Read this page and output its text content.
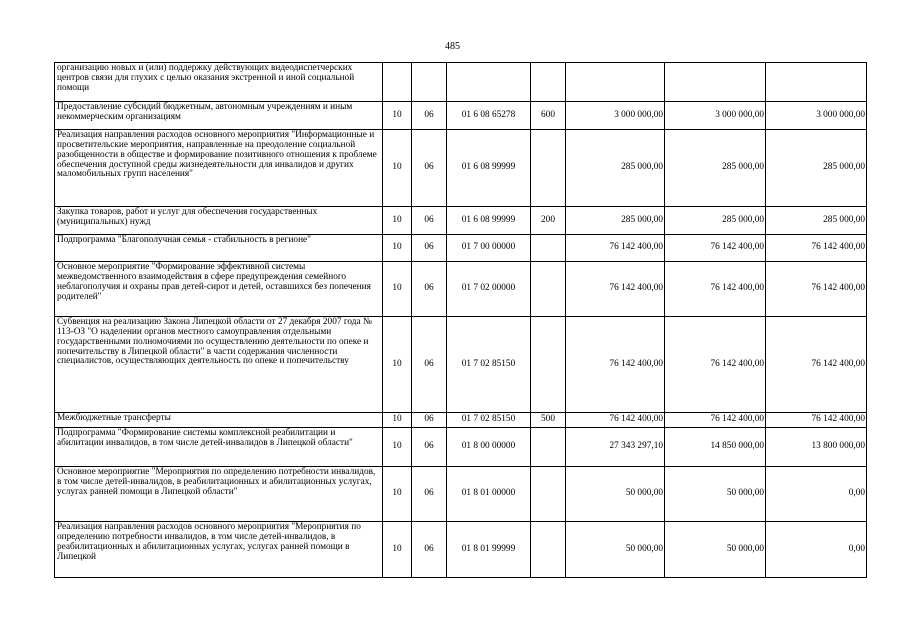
485
организацию новых и (или) поддержку действующих видеодиспетчерских центров связи для глухих с целью оказания экстренной и иной социальной помощи							
Предоставление субсидий бюджетным, автономным учреждениям и иным некоммерческим организациям	10	06	01 6 08 65278	600	3 000 000,00	3 000 000,00	3 000 000,00
Реализация направления расходов основного мероприятия "Информационные и просветительские мероприятия, направленные на преодоление социальной разобщенности в обществе и формирование позитивного отношения к проблеме обеспечения доступной среды жизнедеятельности для инвалидов и других маломобильных групп населения"	10	06	01 6 08 99999		285 000,00	285 000,00	285 000,00
Закупка товаров, работ и услуг для обеспечения государственных (муниципальных) нужд	10	06	01 6 08 99999	200	285 000,00	285 000,00	285 000,00
Подпрограмма "Благополучная семья - стабильность в регионе"	10	06	01 7 00 00000		76 142 400,00	76 142 400,00	76 142 400,00
Основное мероприятие "Формирование эффективной системы межведомственного взаимодействия в сфере предупреждения семейного неблагополучия и охраны прав детей-сирот и детей, оставшихся без попечения родителей"	10	06	01 7 02 00000		76 142 400,00	76 142 400,00	76 142 400,00
Субвенция на реализацию Закона Липецкой области от 27 декабря 2007 года № 113-ОЗ "О наделении органов местного самоуправления отдельными государственными полномочиями по осуществлению деятельности по опеке и попечительству в Липецкой области" в части содержания численности специалистов, осуществляющих деятельность по опеке и попечительству	10	06	01 7 02 85150		76 142 400,00	76 142 400,00	76 142 400,00
Межбюджетные трансферты	10	06	01 7 02 85150	500	76 142 400,00	76 142 400,00	76 142 400,00
Подпрограмма "Формирование системы комплексной реабилитации и абилитации инвалидов, в том числе детей-инвалидов в Липецкой области"	10	06	01 8 00 00000		27 343 297,10	14 850 000,00	13 800 000,00
Основное мероприятие "Мероприятия по определению потребности инвалидов, в том числе детей-инвалидов, в реабилитационных и абилитационных услугах, услугах ранней помощи в Липецкой области"	10	06	01 8 01 00000		50 000,00	50 000,00	0,00
Реализация направления расходов основного мероприятия "Мероприятия по определению потребности инвалидов, в том числе детей-инвалидов, в реабилитационных и абилитационных услугах, услугах ранней помощи в Липецкой	10	06	01 8 01 99999		50 000,00	50 000,00	0,00
